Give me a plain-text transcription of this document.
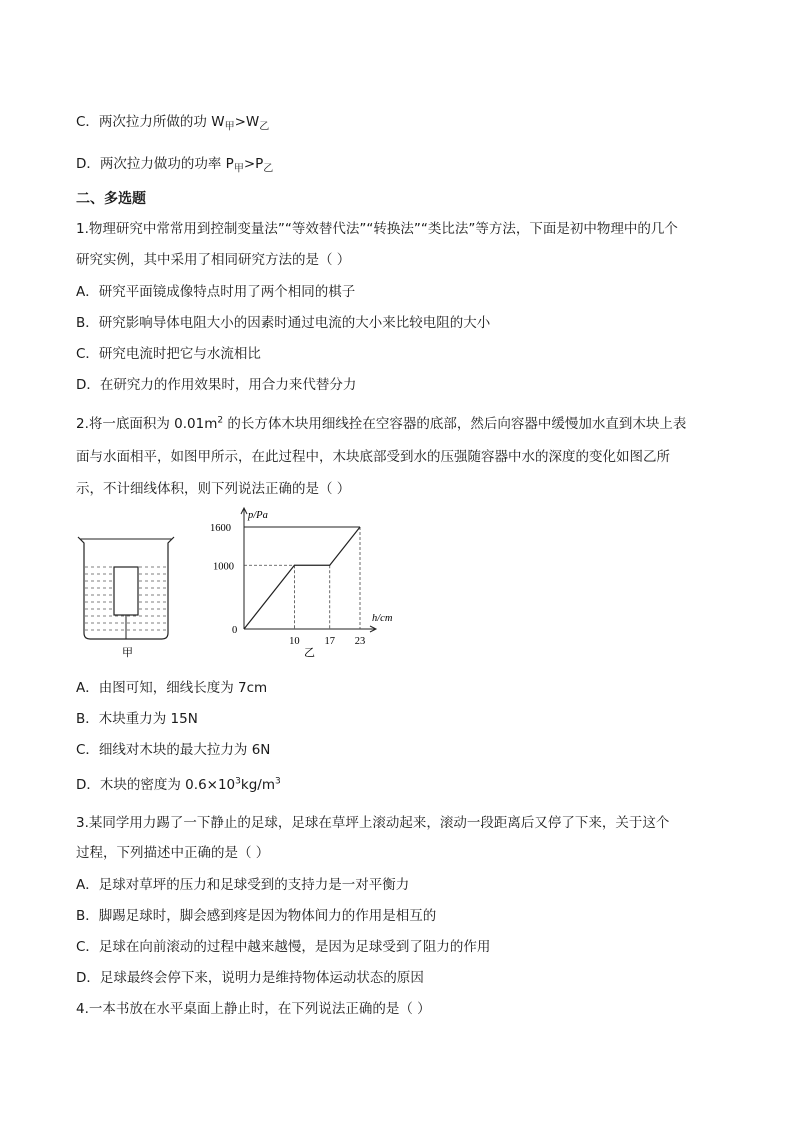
C．两次拉力所做的功 $W_甲>W_乙$
D．两次拉力做功的功率 $P_甲>P_乙$
二、多选题
1.物理研究中常常用到控制变量法”“等效替代法”“转换法”“类比法”等方法，下面是初中物理中的几个
研究实例，其中采用了相同研究方法的是（ ）
A．研究平面镜成像特点时用了两个相同的棋子
B．研究影响导体电阻大小的因素时通过电流的大小来比较电阻的大小
C．研究电流时把它与水流相比
D．在研究力的作用效果时，用合力来代替分力
2.将一底面积为 $0.01m^2$ 的长方体木块用细线拴在空容器的底部，然后向容器中缓慢加水直到木块上表
面与水面相平，如图甲所示，在此过程中，木块底部受到水的压强随容器中水的深度的变化如图乙所
示，不计细线体积，则下列说法正确的是（ ）
甲
p/Pa
h/cm
0
1600
1000
10 17 23
乙
A．由图可知，细线长度为 7cm
B．木块重力为 15N
C．细线对木块的最大拉力为 6N
D．木块的密度为 $0.6\times 10^3kg/m^3$
3.某同学用力踢了一下静止的足球，足球在草坪上滚动起来，滚动一段距离后又停了下来，关于这个
过程，下列描述中正确的是（ ）
A．足球对草坪的压力和足球受到的支持力是一对平衡力
B．脚踢足球时，脚会感到疼是因为物体间力的作用是相互的
C．足球在向前滚动的过程中越来越慢，是因为足球受到了阻力的作用
D．足球最终会停下来，说明力是维持物体运动状态的原因
4.一本书放在水平桌面上静止时，在下列说法正确的是（ ）
